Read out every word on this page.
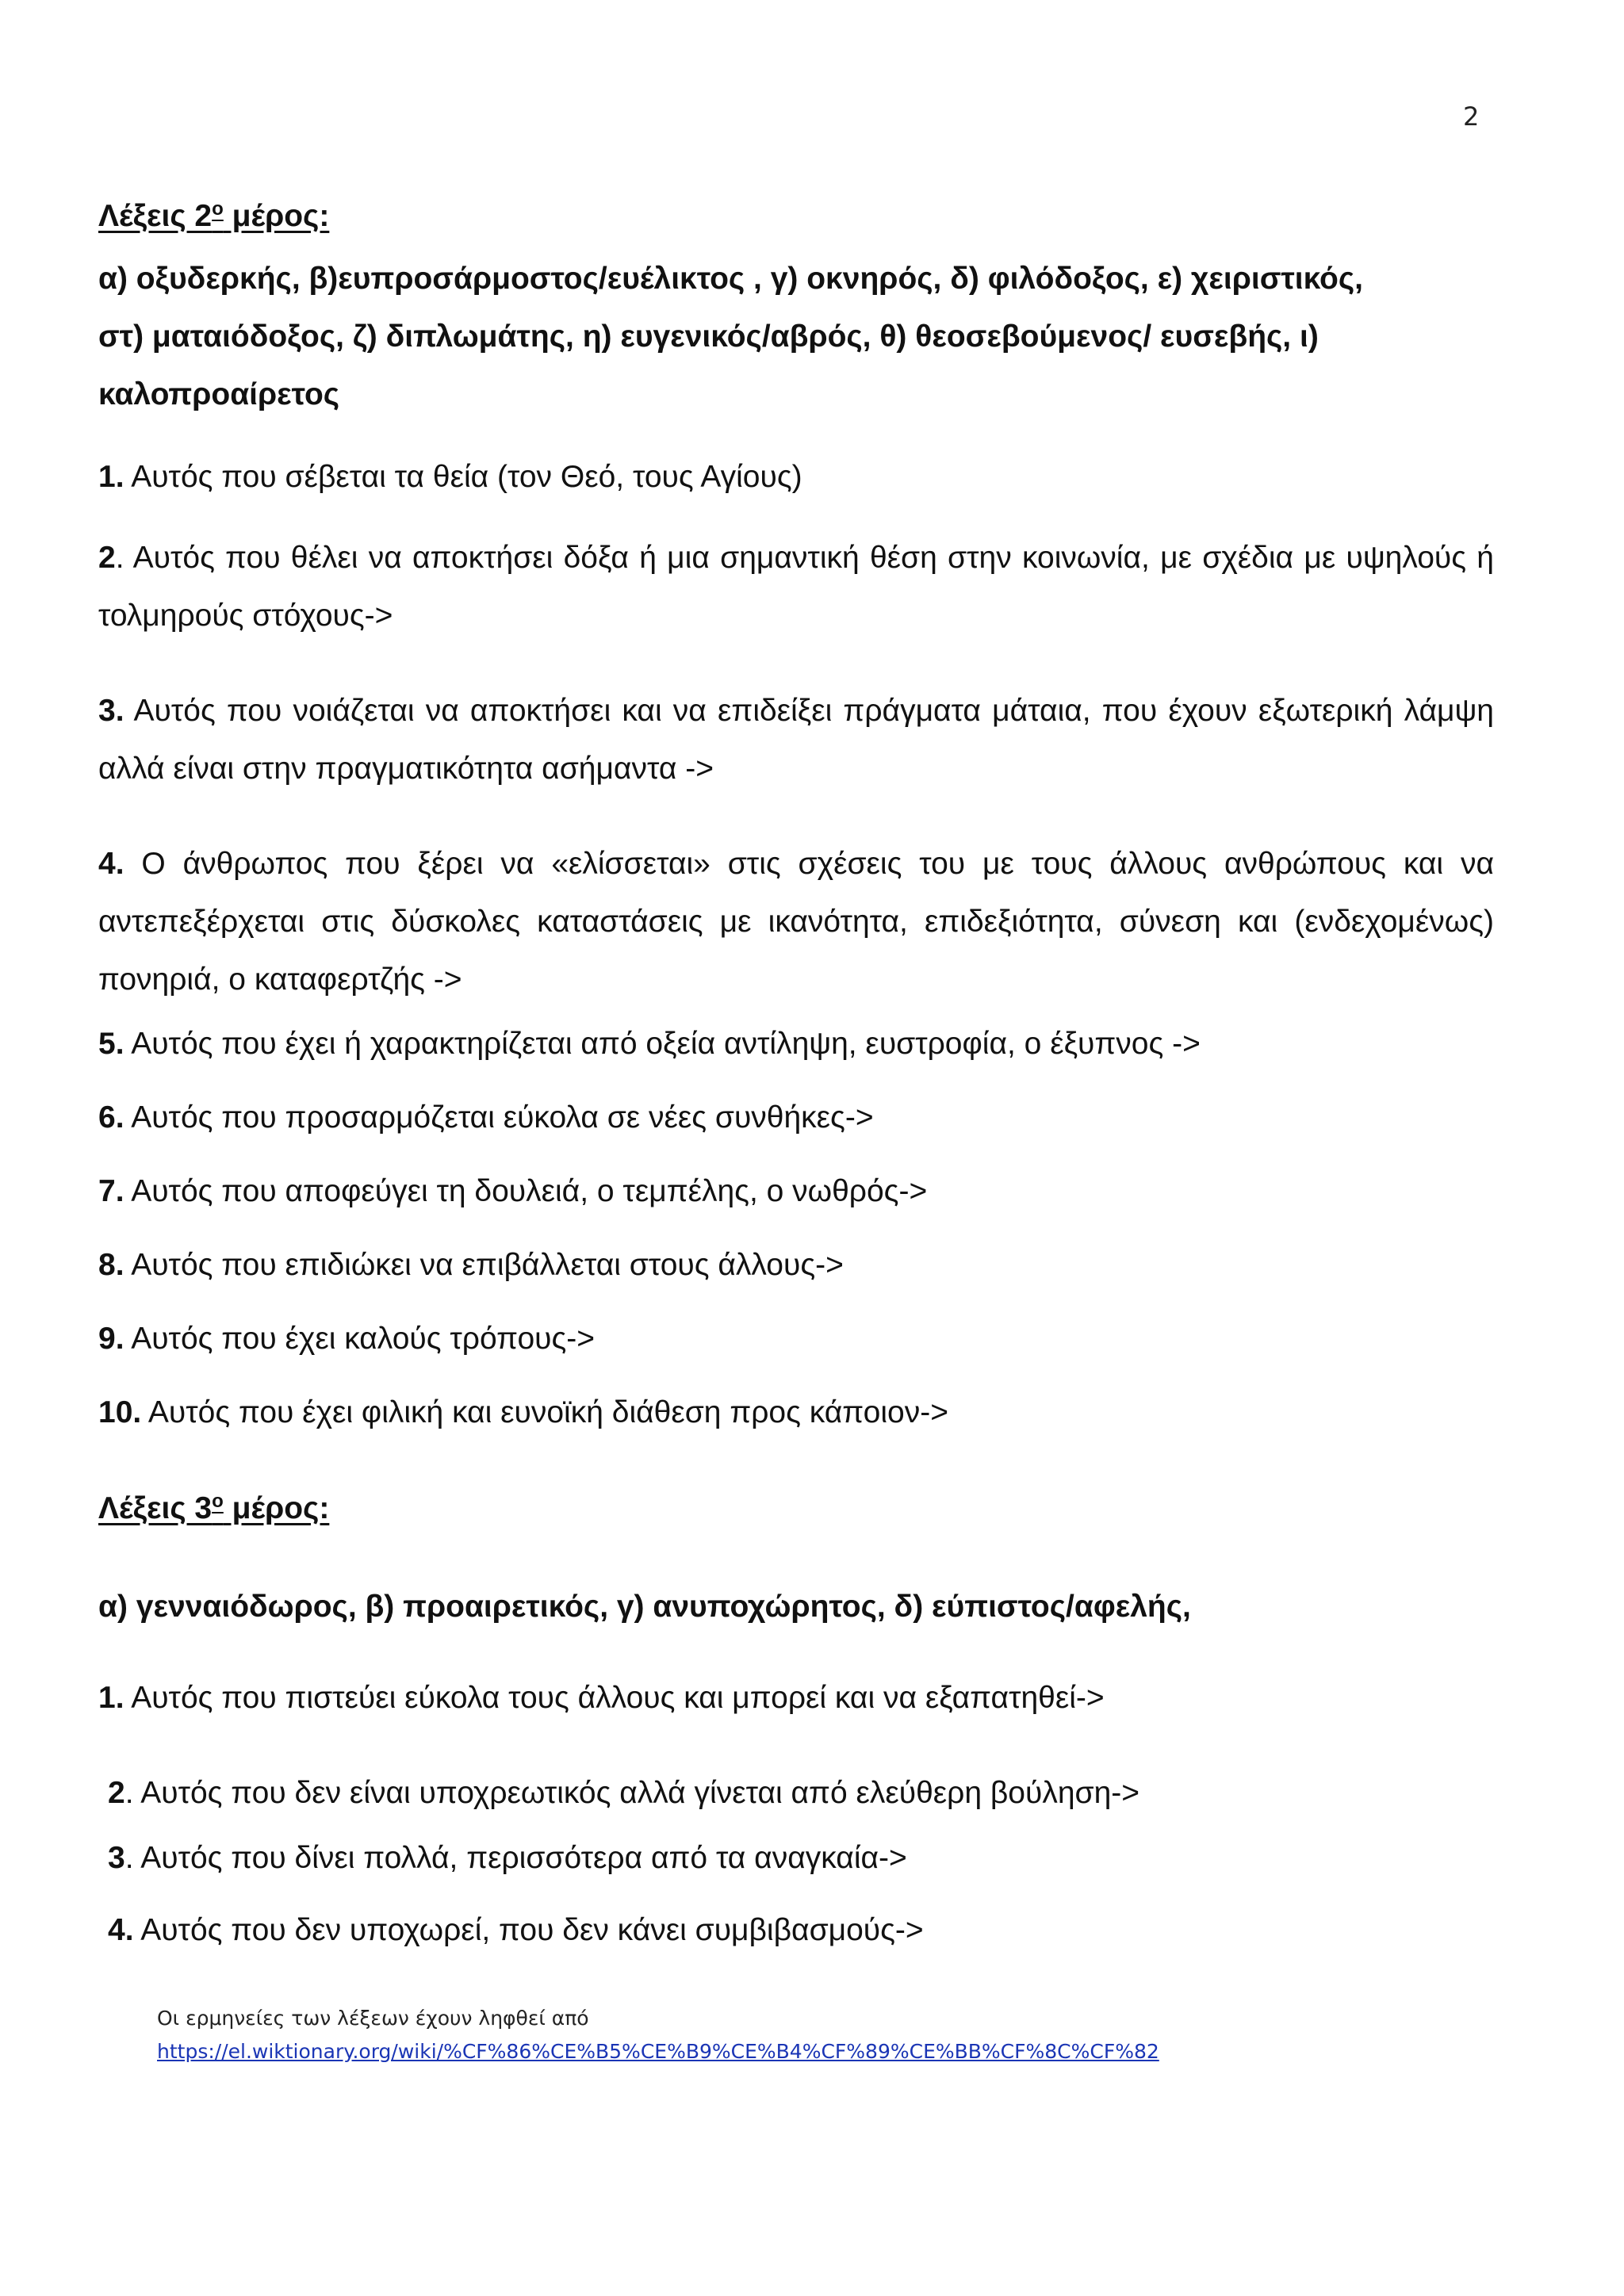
2
Λέξεις $2^o$ μέρος:
α) οξυδερκής, β)ευπροσάρμοστος/ευέλικτος , γ) οκνηρός, δ) φιλόδοξος, ε) χειριστικός,
στ) ματαιόδοξος, ζ) διπλωμάτης, η) ευγενικός/αβρός, θ) θεοσεβούμενος/ ευσεβής, ι)
καλοπροαίρετος
1. Αυτός που σέβεται τα θεία (τον Θεό, τους Αγίους)
2. Αυτός που θέλει να αποκτήσει δόξα ή μια σημαντική θέση στην κοινωνία, με σχέδια με υψηλούς ή τολμηρούς στόχους->
3. Αυτός που νοιάζεται να αποκτήσει και να επιδείξει πράγματα μάταια, που έχουν εξωτερική λάμψη αλλά είναι στην πραγματικότητα ασήμαντα ->
4. Ο άνθρωπος που ξέρει να «ελίσσεται» στις σχέσεις του με τους άλλους ανθρώπους και να αντεπεξέρχεται στις δύσκολες καταστάσεις με ικανότητα, επιδεξιότητα, σύνεση και (ενδεχομένως) πονηριά, ο καταφερτζής ->
5. Αυτός που έχει ή χαρακτηρίζεται από οξεία αντίληψη, ευστροφία, ο έξυπνος ->
6. Αυτός που προσαρμόζεται εύκολα σε νέες συνθήκες->
7. Αυτός που αποφεύγει τη δουλειά, ο τεμπέλης, ο νωθρός->
8. Αυτός που επιδιώκει να επιβάλλεται στους άλλους->
9. Αυτός που έχει καλούς τρόπους->
10. Αυτός που έχει φιλική και ευνοϊκή διάθεση προς κάποιον->
Λέξεις $3^o$ μέρος:
α) γενναιόδωρος, β) προαιρετικός, γ) ανυποχώρητος, δ) εύπιστος/αφελής,
1. Αυτός που πιστεύει εύκολα τους άλλους και μπορεί και να εξαπατηθεί->
2. Αυτός που δεν είναι υποχρεωτικός αλλά γίνεται από ελεύθερη βούληση->
3. Αυτός που δίνει πολλά, περισσότερα από τα αναγκαία->
4. Αυτός που δεν υποχωρεί, που δεν κάνει συμβιβασμούς->
Οι ερμηνείες των λέξεων έχουν ληφθεί από
https://el.wiktionary.org/wiki/%CF%86%CE%B5%CE%B9%CE%B4%CF%89%CE%BB%CF%8C%CF%82
